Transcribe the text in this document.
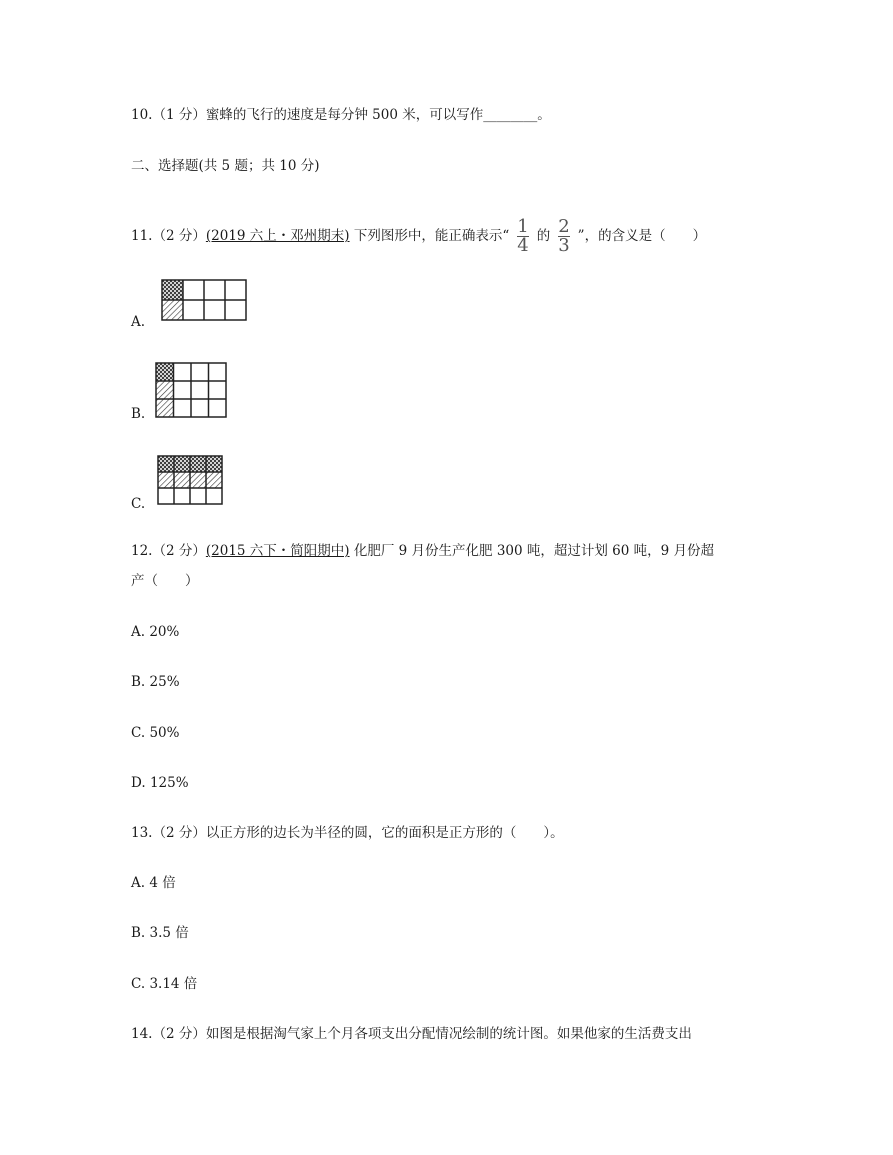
10.（1 分）蜜蜂的飞行的速度是每分钟 500 米，可以写作________。
二、选择题(共 5 题；共 10 分)
11.（2 分）(2019 六上・邓州期末) 下列图形中，能正确表示“ $\frac{1}{4}$ 的 $\frac{2}{3}$ ”，的含义是（　　）
A.
B.
C.
12.（2 分）(2015 六下・简阳期中) 化肥厂 9 月份生产化肥 300 吨，超过计划 60 吨，9 月份超
产（　　）
A. 20%
B. 25%
C. 50%
D. 125%
13.（2 分）以正方形的边长为半径的圆，它的面积是正方形的（　　）。
A. 4 倍
B. 3.5 倍
C. 3.14 倍
14.（2 分）如图是根据淘气家上个月各项支出分配情况绘制的统计图。如果他家的生活费支出
